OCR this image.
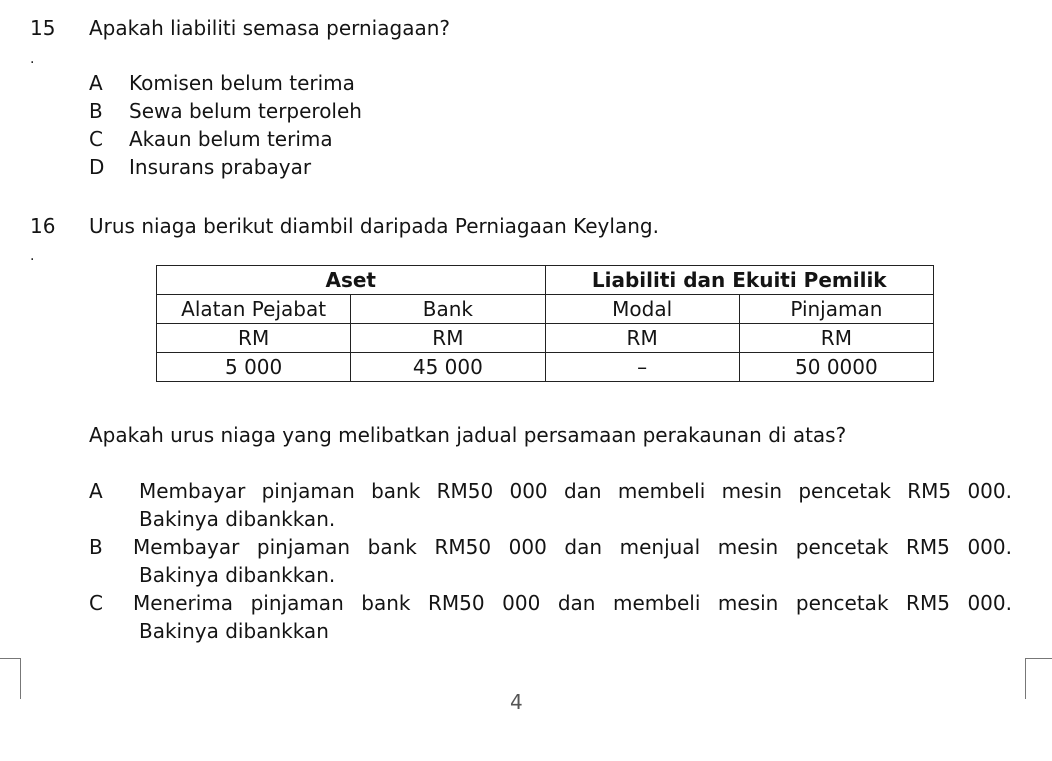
15
.
Apakah liabiliti semasa perniagaan?
A Komisen belum terima
B Sewa belum terperoleh
C Akaun belum terima
D Insurans prabayar
16
.
Urus niaga berikut diambil daripada Perniagaan Keylang.
Aset		Liabiliti dan Ekuiti Pemilik	
Alatan Pejabat	Bank	Modal	Pinjaman
RM	RM	RM	RM
5 000	45 000	–	50 0000
Apakah urus niaga yang melibatkan jadual persamaan perakaunan di atas?
A Membayar pinjaman bank RM50 000 dan membeli mesin pencetak RM5 000.
Bakinya dibankkan.
B Membayar pinjaman bank RM50 000 dan menjual mesin pencetak RM5 000.
Bakinya dibankkan.
C Menerima pinjaman bank RM50 000 dan membeli mesin pencetak RM5 000.
Bakinya dibankkan
4
